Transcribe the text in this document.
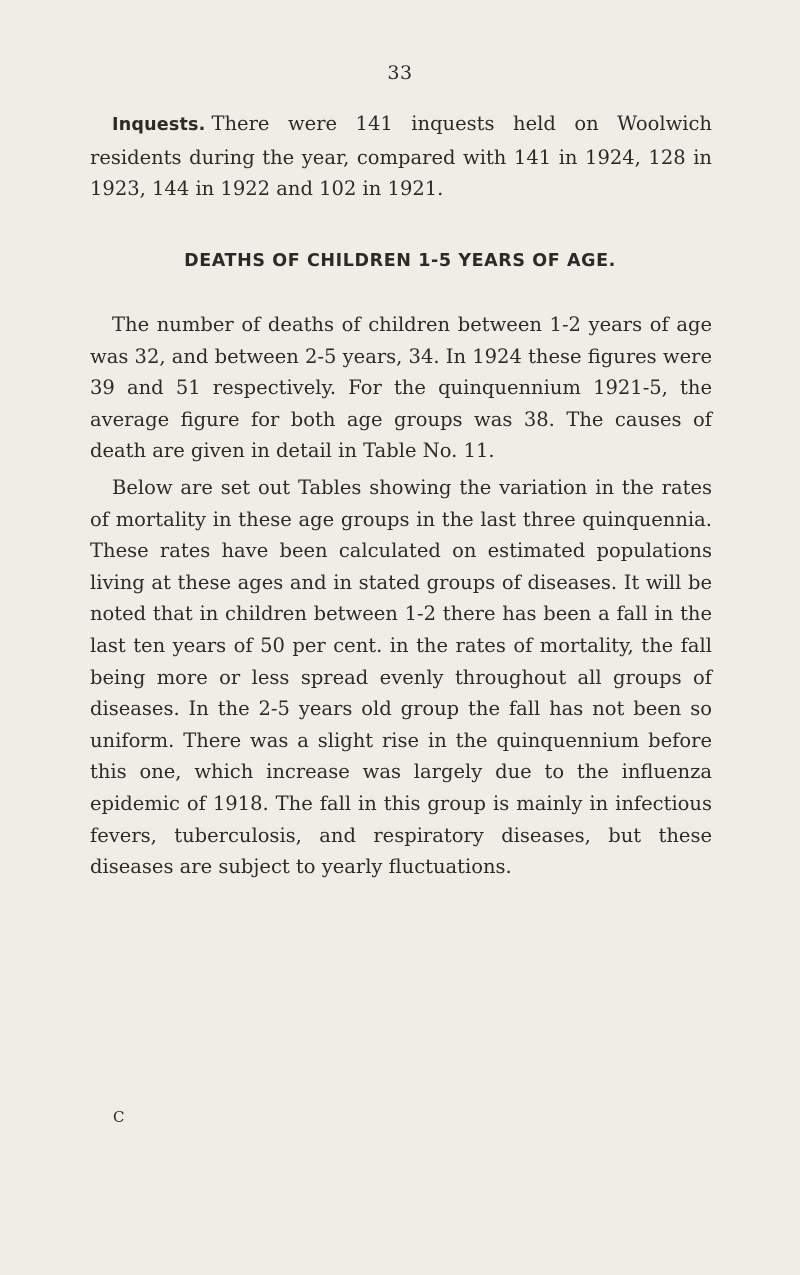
33

Inquests. There were 141 inquests held on Woolwich residents during the year, compared with 141 in 1924, 128 in 1923, 144 in 1922 and 102 in 1921.

DEATHS OF CHILDREN 1-5 YEARS OF AGE.

The number of deaths of children between 1-2 years of age was 32, and between 2-5 years, 34. In 1924 these figures were 39 and 51 respectively. For the quinquennium 1921-5, the average figure for both age groups was 38. The causes of death are given in detail in Table No. 11.

Below are set out Tables showing the variation in the rates of mortality in these age groups in the last three quinquennia. These rates have been calculated on estimated populations living at these ages and in stated groups of diseases. It will be noted that in children between 1-2 there has been a fall in the last ten years of 50 per cent. in the rates of mortality, the fall being more or less spread evenly throughout all groups of diseases. In the 2-5 years old group the fall has not been so uniform. There was a slight rise in the quinquennium before this one, which increase was largely due to the influenza epidemic of 1918. The fall in this group is mainly in infectious fevers, tuberculosis, and respiratory diseases, but these diseases are subject to yearly fluctuations.

C
